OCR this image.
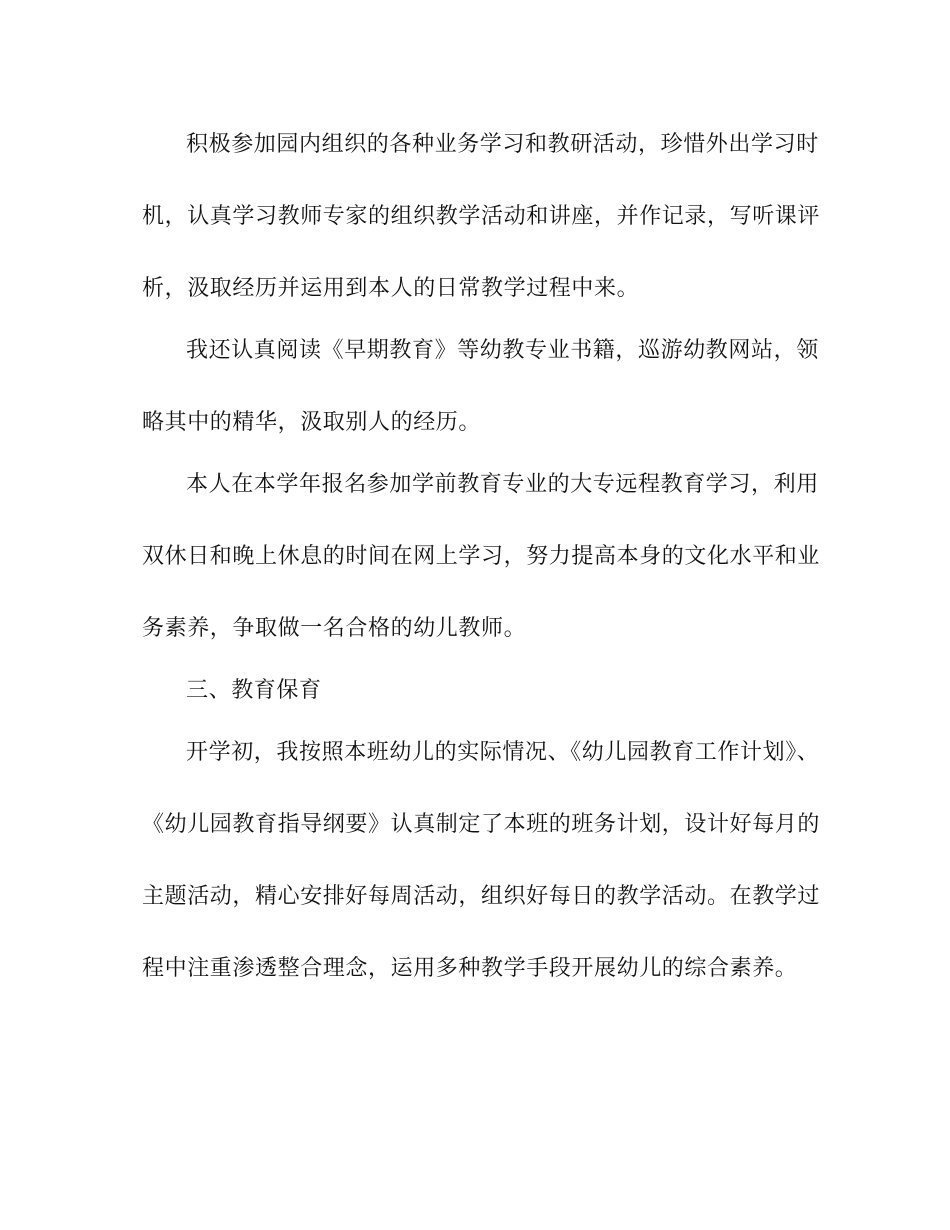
积极参加园内组织的各种业务学习和教研活动，珍惜外出学习时
机，认真学习教师专家的组织教学活动和讲座，并作记录，写听课评
析，汲取经历并运用到本人的日常教学过程中来。
我还认真阅读《早期教育》等幼教专业书籍，巡游幼教网站，领
略其中的精华，汲取别人的经历。
本人在本学年报名参加学前教育专业的大专远程教育学习，利用
双休日和晚上休息的时间在网上学习，努力提高本身的文化水平和业
务素养，争取做一名合格的幼儿教师。
三、教育保育
开学初，我按照本班幼儿的实际情况、《幼儿园教育工作计划》、
《幼儿园教育指导纲要》认真制定了本班的班务计划，设计好每月的
主题活动，精心安排好每周活动，组织好每日的教学活动。在教学过
程中注重渗透整合理念，运用多种教学手段开展幼儿的综合素养。
